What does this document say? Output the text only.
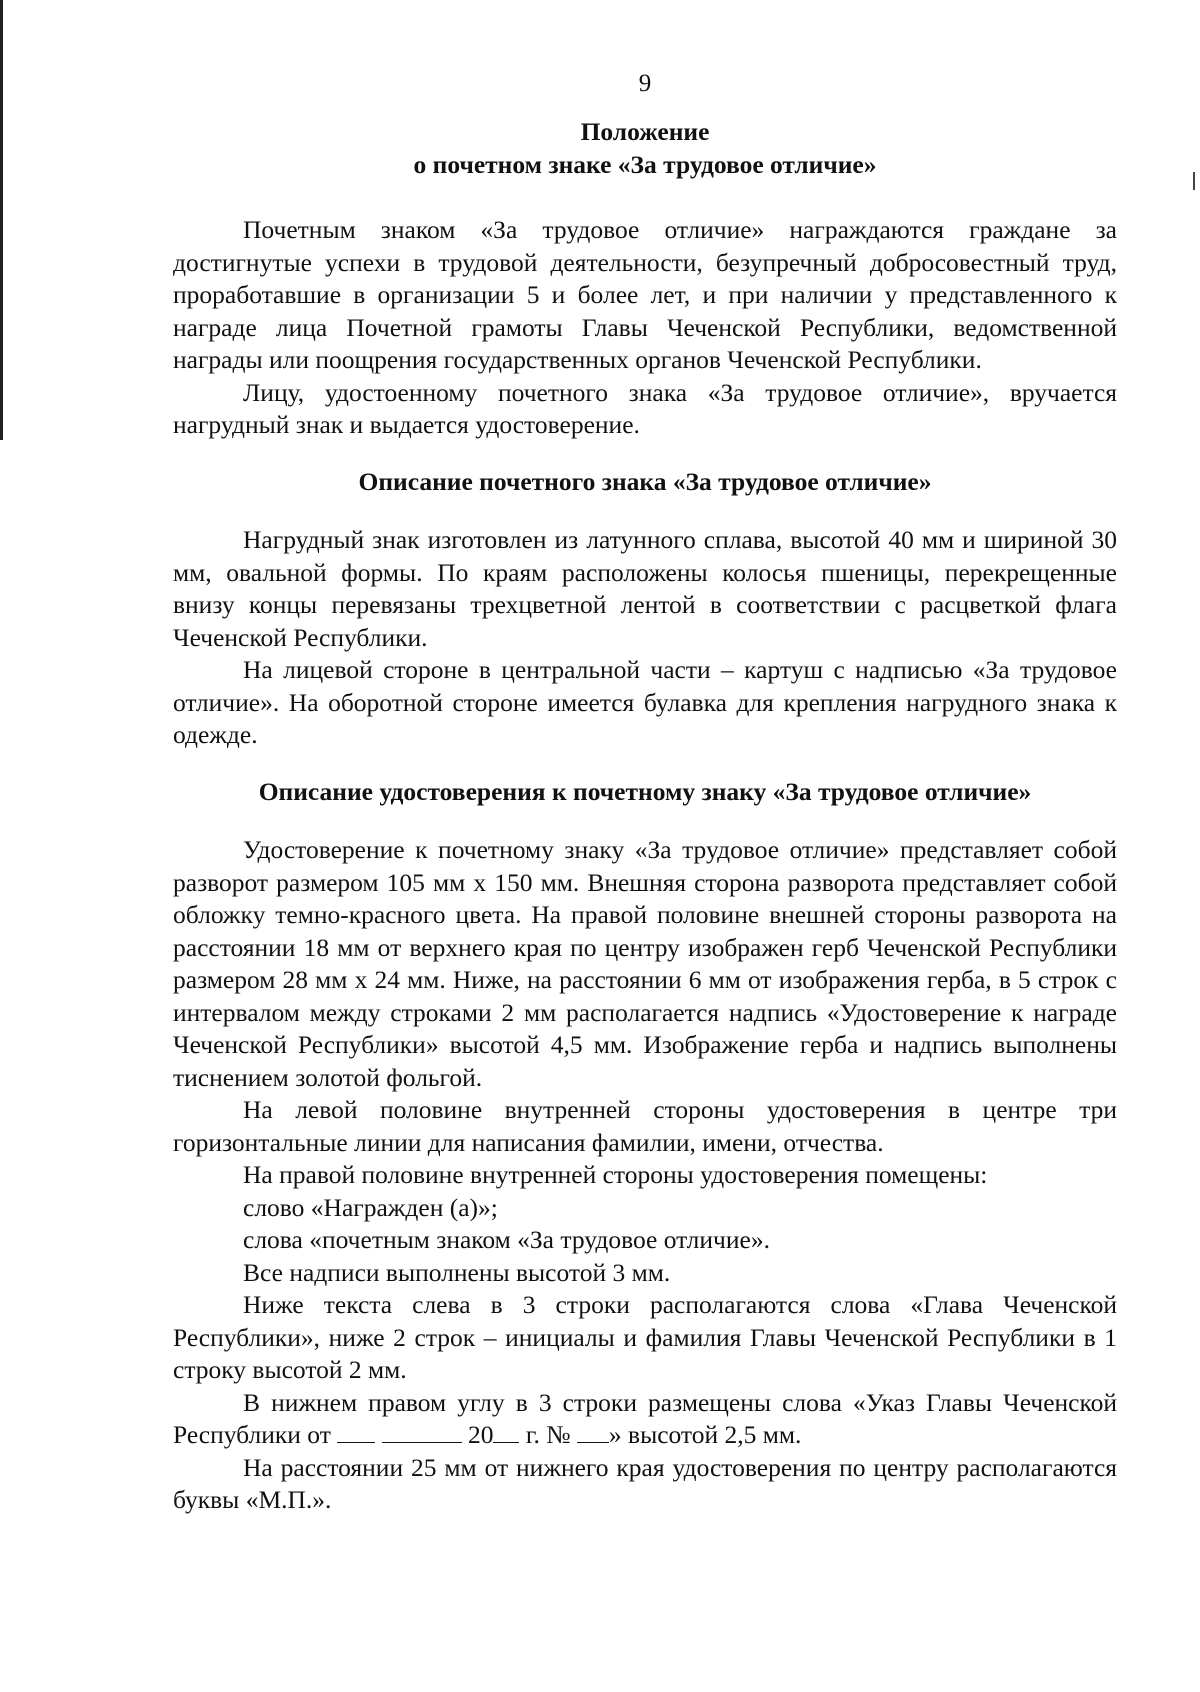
9

Положение

о почетном знаке «За трудовое отличие»

Почетным знаком «За трудовое отличие» награждаются граждане за достигнутые успехи в трудовой деятельности, безупречный добросовестный труд, проработавшие в организации 5 и более лет, и при наличии у представленного к награде лица Почетной грамоты Главы Чеченской Республики, ведомственной награды или поощрения государственных органов Чеченской Республики.

Лицу, удостоенному почетного знака «За трудовое отличие», вручается нагрудный знак и выдается удостоверение.

Описание почетного знака «За трудовое отличие»

Нагрудный знак изготовлен из латунного сплава, высотой 40 мм и шириной 30 мм, овальной формы. По краям расположены колосья пшеницы, перекрещенные внизу концы перевязаны трехцветной лентой в соответствии с расцветкой флага Чеченской Республики.

На лицевой стороне в центральной части – картуш с надписью «За трудовое отличие». На оборотной стороне имеется булавка для крепления нагрудного знака к одежде.

Описание удостоверения к почетному знаку «За трудовое отличие»

Удостоверение к почетному знаку «За трудовое отличие» представляет собой разворот размером 105 мм x 150 мм. Внешняя сторона разворота представляет собой обложку темно-красного цвета. На правой половине внешней стороны разворота на расстоянии 18 мм от верхнего края по центру изображен герб Чеченской Республики размером 28 мм x 24 мм. Ниже, на расстоянии 6 мм от изображения герба, в 5 строк с интервалом между строками 2 мм располагается надпись «Удостоверение к награде Чеченской Республики» высотой 4,5 мм. Изображение герба и надпись выполнены тиснением золотой фольгой.

На левой половине внутренней стороны удостоверения в центре три горизонтальные линии для написания фамилии, имени, отчества.

На правой половине внутренней стороны удостоверения помещены:

слово «Награжден (а)»;

слова «почетным знаком «За трудовое отличие».

Все надписи выполнены высотой 3 мм.

Ниже текста слева в 3 строки располагаются слова «Глава Чеченской Республики», ниже 2 строк – инициалы и фамилия Главы Чеченской Республики в 1 строку высотой 2 мм.

В нижнем правом углу в 3 строки размещены слова «Указ Главы Чеченской Республики от	20 г. № » высотой 2,5 мм.

На расстоянии 25 мм от нижнего края удостоверения по центру располагаются буквы «М.П.».
